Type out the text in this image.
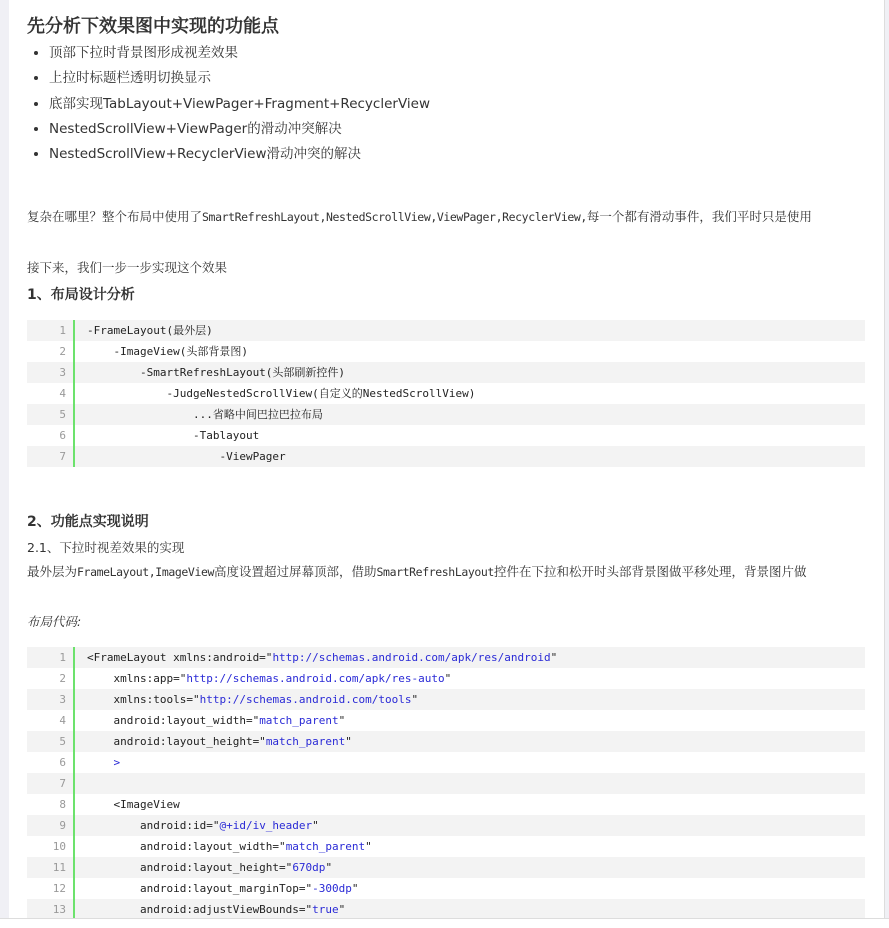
先分析下效果图中实现的功能点
• 顶部下拉时背景图形成视差效果
• 上拉时标题栏透明切换显示
• 底部实现TabLayout+ViewPager+Fragment+RecyclerView
• NestedScrollView+ViewPager的滑动冲突解决
• NestedScrollView+RecyclerView滑动冲突的解决
复杂在哪里？整个布局中使用了SmartRefreshLayout,NestedScrollView,ViewPager,RecyclerView,每一个都有滑动事件，我们平时只是使用
接下来，我们一步一步实现这个效果
1、布局设计分析
1	-FrameLayout(最外层)
2	-ImageView(头部背景图)
3	-SmartRefreshLayout(头部刷新控件)
4	-JudgeNestedScrollView(自定义的NestedScrollView)
5	...省略中间巴拉巴拉布局
6	-Tablayout
7	-ViewPager
2、功能点实现说明
2.1、下拉时视差效果的实现
最外层为FrameLayout,ImageView高度设置超过屏幕顶部，借助SmartRefreshLayout控件在下拉和松开时头部背景图做平移处理，背景图片做
布局代码:
1	<FrameLayout xmlns:android="http://schemas.android.com/apk/res/android"
2	xmlns:app="http://schemas.android.com/apk/res-auto"
3	xmlns:tools="http://schemas.android.com/tools"
4	android:layout_width="match_parent"
5	android:layout_height="match_parent"
6	>
7
8	<ImageView
9	android:id="@+id/iv_header"
10	android:layout_width="match_parent"
11	android:layout_height="670dp"
12	android:layout_marginTop="-300dp"
13	android:adjustViewBounds="true"
